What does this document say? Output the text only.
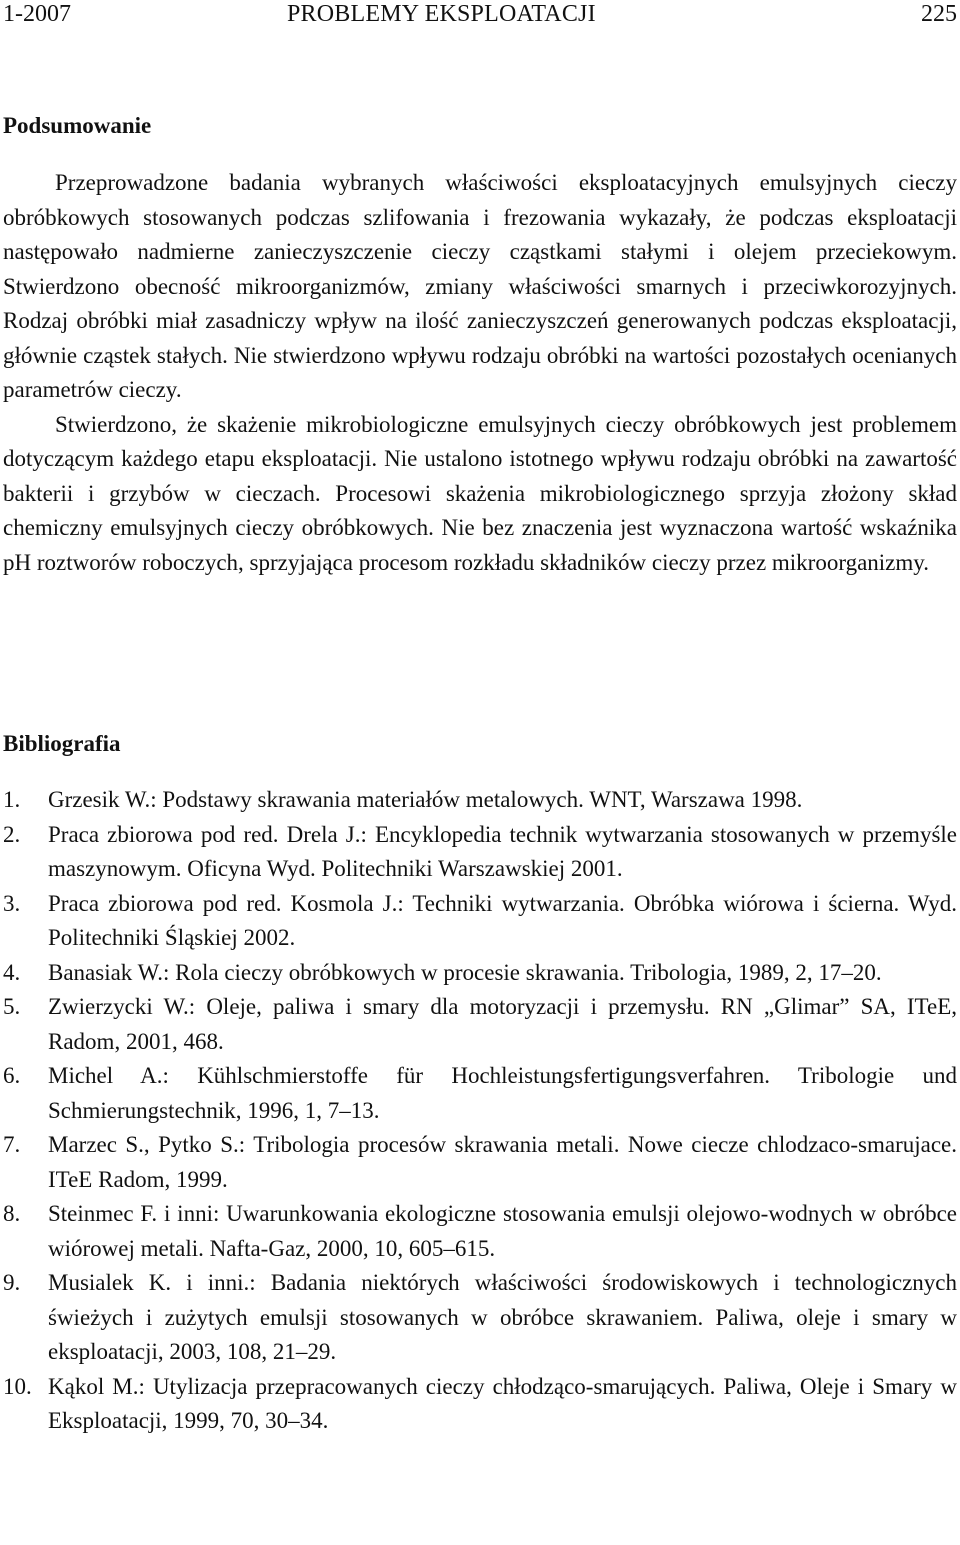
1-2007	PROBLEMY EKSPLOATACJI	225
Podsumowanie

Przeprowadzone badania wybranych właściwości eksploatacyjnych emulsyjnych cieczy obróbkowych stosowanych podczas szlifowania i frezowania wykazały, że podczas eksploatacji następowało nadmierne zanieczyszczenie cieczy cząstkami stałymi i olejem przeciekowym. Stwierdzono obecność mikroorganizmów, zmiany właściwości smarnych i przeciwkorozyjnych. Rodzaj obróbki miał zasadniczy wpływ na ilość zanieczyszczeń generowanych podczas eksploatacji, głównie cząstek stałych. Nie stwierdzono wpływu rodzaju obróbki na wartości pozostałych ocenianych parametrów cieczy.

Stwierdzono, że skażenie mikrobiologiczne emulsyjnych cieczy obróbkowych jest problemem dotyczącym każdego etapu eksploatacji. Nie ustalono istotnego wpływu rodzaju obróbki na zawartość bakterii i grzybów w cieczach. Procesowi skażenia mikrobiologicznego sprzyja złożony skład chemiczny emulsyjnych cieczy obróbkowych. Nie bez znaczenia jest wyznaczona wartość wskaźnika pH roztworów roboczych, sprzyjająca procesom rozkładu składników cieczy przez mikroorganizmy.

Bibliografia
1. Grzesik W.: Podstawy skrawania materiałów metalowych. WNT, Warszawa 1998.
2. Praca zbiorowa pod red. Drela J.: Encyklopedia technik wytwarzania stosowanych w przemyśle maszynowym. Oficyna Wyd. Politechniki Warszawskiej 2001.
3. Praca zbiorowa pod red. Kosmola J.: Techniki wytwarzania. Obróbka wiórowa i ścierna. Wyd. Politechniki Śląskiej 2002.
4. Banasiak W.: Rola cieczy obróbkowych w procesie skrawania. Tribologia, 1989, 2, 17–20.
5. Zwierzycki W.: Oleje, paliwa i smary dla motoryzacji i przemysłu. RN „Glimar” SA, ITeE, Radom, 2001, 468.
6. Michel A.: Kühlschmierstoffe für Hochleistungsfertigungsverfahren. Tribologie und Schmierungstechnik, 1996, 1, 7–13.
7. Marzec S., Pytko S.: Tribologia procesów skrawania metali. Nowe ciecze chlodzaco-smarujace. ITeE Radom, 1999.
8. Steinmec F. i inni: Uwarunkowania ekologiczne stosowania emulsji olejowo-wodnych w obróbce wiórowej metali. Nafta-Gaz, 2000, 10, 605–615.
9. Musialek K. i inni.: Badania niektórych właściwości środowiskowych i technologicznych świeżych i zużytych emulsji stosowanych w obróbce skrawaniem. Paliwa, oleje i smary w eksploatacji, 2003, 108, 21–29.
10. Kąkol M.: Utylizacja przepracowanych cieczy chłodząco-smarujących. Paliwa, Oleje i Smary w Eksploatacji, 1999, 70, 30–34.
